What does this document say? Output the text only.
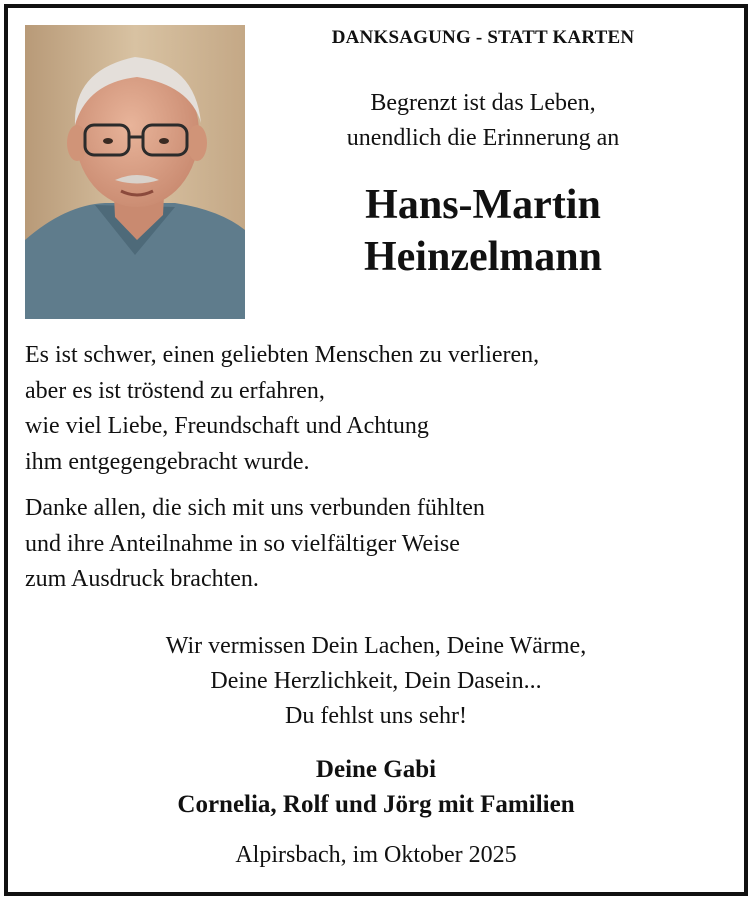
DANKSAGUNG - STATT KARTEN
Begrenzt ist das Leben,
unendlich die Erinnerung an
Hans-Martin
Heinzelmann
Es ist schwer, einen geliebten Menschen zu verlieren,
aber es ist tröstend zu erfahren,
wie viel Liebe, Freundschaft und Achtung
ihm entgegengebracht wurde.
Danke allen, die sich mit uns verbunden fühlten
und ihre Anteilnahme in so vielfältiger Weise
zum Ausdruck brachten.
Wir vermissen Dein Lachen, Deine Wärme,
Deine Herzlichkeit, Dein Dasein...
Du fehlst uns sehr!
Deine Gabi
Cornelia, Rolf und Jörg mit Familien
Alpirsbach, im Oktober 2025
